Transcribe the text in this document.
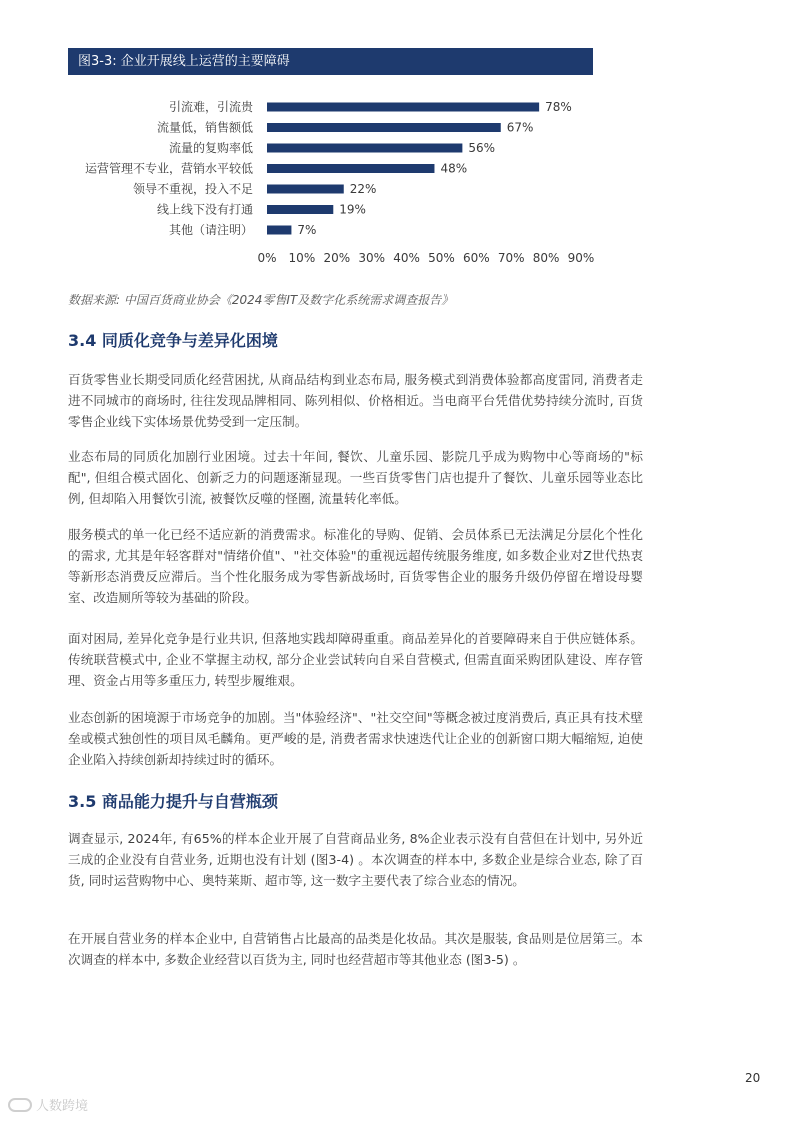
图3-3: 企业开展线上运营的主要障碍
引流难，引流贵	78%
流量低，销售额低	67%
流量的复购率低	56%
运营管理不专业，营销水平较低	48%
领导不重视，投入不足	22%
线上线下没有打通	19%
其他（请注明）	7%
0% 10% 20% 30% 40% 50% 60% 70% 80% 90%
数据来源: 中国百货商业协会《2024零售IT及数字化系统需求调查报告》
3.4 同质化竞争与差异化困境

百货零售业长期受同质化经营困扰, 从商品结构到业态布局, 服务模式到消费体验都高度雷同, 消费者走进不同城市的商场时, 往往发现品牌相同、陈列相似、价格相近。当电商平台凭借优势持续分流时, 百货零售企业线下实体场景优势受到一定压制。

业态布局的同质化加剧行业困境。过去十年间, 餐饮、儿童乐园、影院几乎成为购物中心等商场的"标配", 但组合模式固化、创新乏力的问题逐渐显现。一些百货零售门店也提升了餐饮、儿童乐园等业态比例, 但却陷入用餐饮引流, 被餐饮反噬的怪圈, 流量转化率低。

服务模式的单一化已经不适应新的消费需求。标准化的导购、促销、会员体系已无法满足分层化个性化的需求, 尤其是年轻客群对"情绪价值"、"社交体验"的重视远超传统服务维度, 如多数企业对Z世代热衷等新形态消费反应滞后。当个性化服务成为零售新战场时, 百货零售企业的服务升级仍停留在增设母婴室、改造厕所等较为基础的阶段。

面对困局, 差异化竞争是行业共识, 但落地实践却障碍重重。商品差异化的首要障碍来自于供应链体系。传统联营模式中, 企业不掌握主动权, 部分企业尝试转向自采自营模式, 但需直面采购团队建设、库存管理、资金占用等多重压力, 转型步履维艰。

业态创新的困境源于市场竞争的加剧。当"体验经济"、"社交空间"等概念被过度消费后, 真正具有技术壁垒或模式独创性的项目凤毛麟角。更严峻的是, 消费者需求快速迭代让企业的创新窗口期大幅缩短, 迫使企业陷入持续创新却持续过时的循环。

3.5 商品能力提升与自营瓶颈

调查显示, 2024年, 有65%的样本企业开展了自营商品业务, 8%企业表示没有自营但在计划中, 另外近三成的企业没有自营业务, 近期也没有计划 (图3-4) 。本次调查的样本中, 多数企业是综合业态, 除了百货, 同时运营购物中心、奥特莱斯、超市等, 这一数字主要代表了综合业态的情况。

在开展自营业务的样本企业中, 自营销售占比最高的品类是化妆品。其次是服装, 食品则是位居第三。本次调查的样本中, 多数企业经营以百货为主, 同时也经营超市等其他业态 (图3-5) 。

20
人数跨境
